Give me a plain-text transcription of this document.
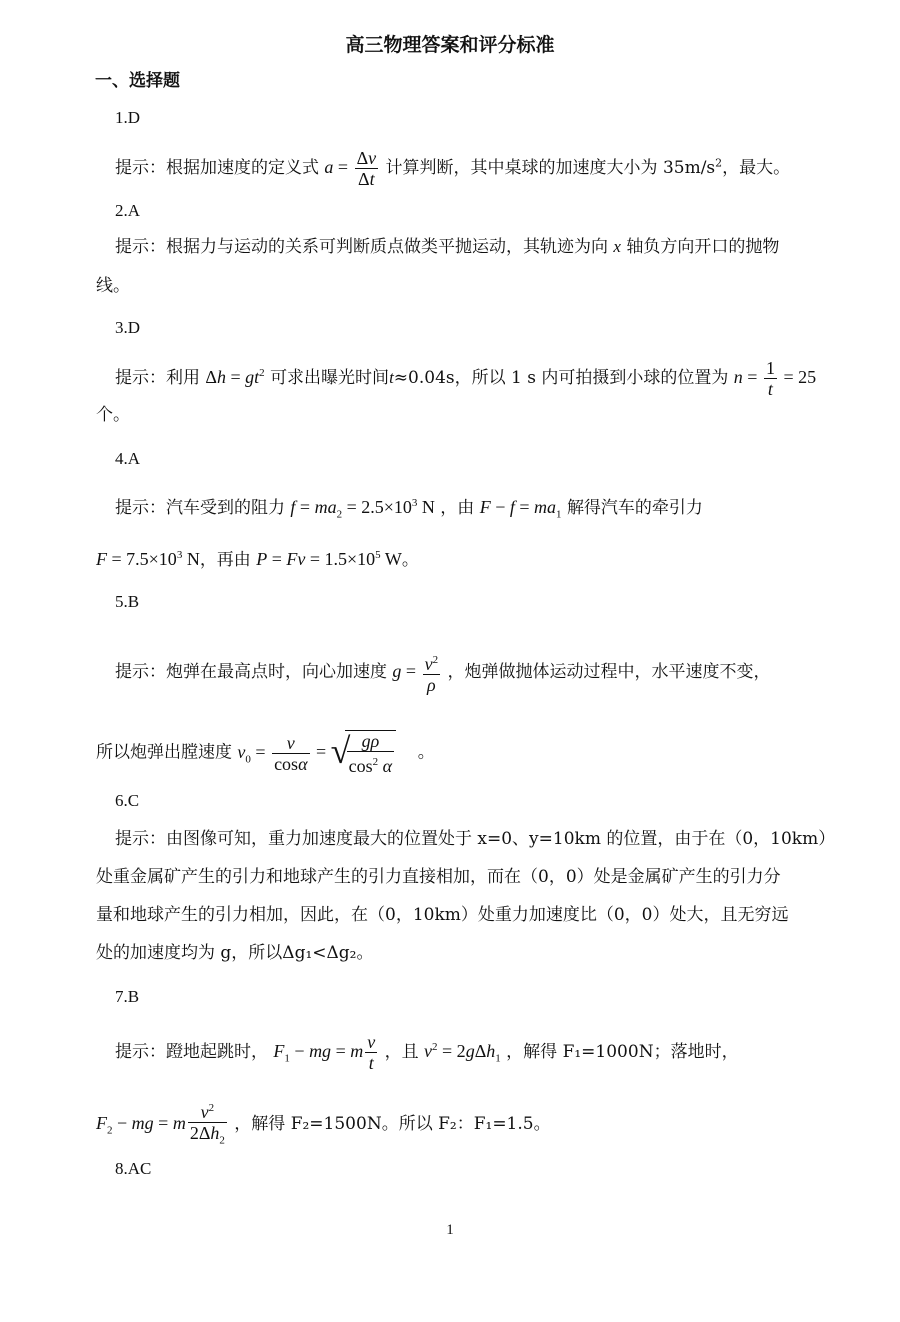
高三物理答案和评分标准
一、选择题
1.D
提示：根据加速度的定义式 $a = \frac{\Delta v}{\Delta t}$ 计算判断，其中桌球的加速度大小为 $35m/s^2$，最大。
2.A
提示：根据力与运动的关系可判断质点做类平抛运动，其轨迹为向 x 轴负方向开口的抛物
线。
3.D
提示：利用 $\Delta h = gt^2$ 可求出曝光时间t≈0.04s，所以 1 s 内可拍摄到小球的位置为 $n = \frac{1}{t} = 25$
个。
4.A
提示：汽车受到的阻力 $f = ma_2 = 2.5\times 10^3$ N ，由 $F - f = ma_1$ 解得汽车的牵引力
$F = 7.5\times 10^3$ N，再由 $P = Fv = 1.5\times 10^5$ W。
5.B
提示：炮弹在最高点时，向心加速度 $g = \frac{v^2}{\rho}$ ，炮弹做抛体运动过程中，水平速度不变，
所以炮弹出膛速度 $v_0 = \frac{v}{\cos\alpha}$ = √
$\frac{g\rho}{\cos^2 \alpha}$ 。
6.C
提示：由图像可知，重力加速度最大的位置处于 x=0、y=10km 的位置，由于在（0，10km）
处重金属矿产生的引力和地球产生的引力直接相加，而在（0，0）处是金属矿产生的引力分
量和地球产生的引力相加，因此，在（0，10km）处重力加速度比（0，0）处大，且无穷远
处的加速度均为 g，所以Δg₁<Δg₂。
7.B
提示：蹬地起跳时， $F_1$ − mg = m $\frac{v}{t}$ ，且 $v^2 = 2g\Delta h_1$ ，解得 F₁=1000N；落地时，
$F_2$ − mg = m $\frac{v^2}{2\Delta h_2}$ ，解得 F₂=1500N。所以 F₂：F₁=1.5。
8.AC
1
